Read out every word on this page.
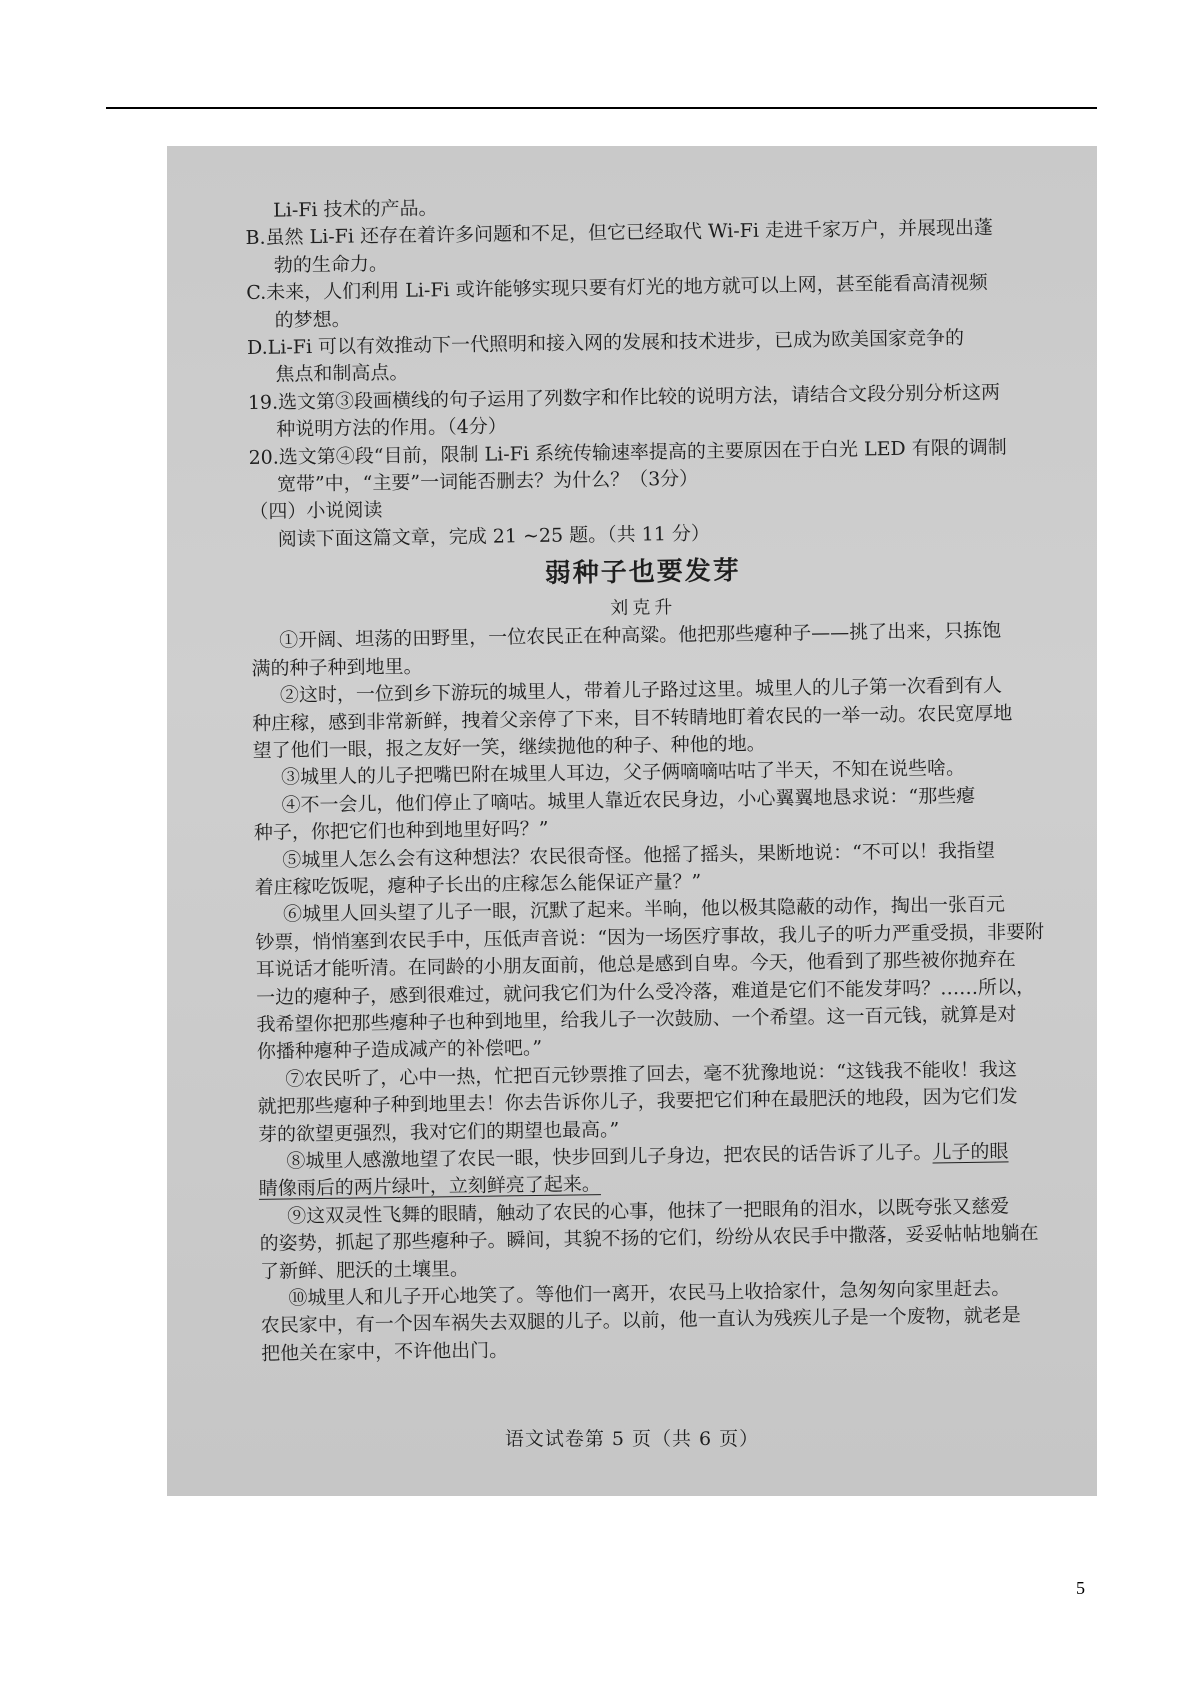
Li-Fi 技术的产品。
B.虽然 Li-Fi 还存在着许多问题和不足，但它已经取代 Wi-Fi 走进千家万户，并展现出蓬
勃的生命力。
C.未来，人们利用 Li-Fi 或许能够实现只要有灯光的地方就可以上网，甚至能看高清视频
的梦想。
D.Li-Fi 可以有效推动下一代照明和接入网的发展和技术进步，已成为欧美国家竞争的
焦点和制高点。
19.选文第③段画横线的句子运用了列数字和作比较的说明方法，请结合文段分别分析这两
种说明方法的作用。（4分）
20.选文第④段“目前，限制 Li-Fi 系统传输速率提高的主要原因在于白光 LED 有限的调制
宽带”中，“主要”一词能否删去？为什么？（3分）
（四）小说阅读
阅读下面这篇文章，完成 21 ~25 题。（共 11 分）
弱种子也要发芽
刘克升
①开阔、坦荡的田野里，一位农民正在种高粱。他把那些瘪种子——挑了出来，只拣饱
满的种子种到地里。
②这时，一位到乡下游玩的城里人，带着儿子路过这里。城里人的儿子第一次看到有人
种庄稼，感到非常新鲜，拽着父亲停了下来，目不转睛地盯着农民的一举一动。农民宽厚地
望了他们一眼，报之友好一笑，继续抛他的种子、种他的地。
③城里人的儿子把嘴巴附在城里人耳边，父子俩嘀嘀咕咕了半天，不知在说些啥。
④不一会儿，他们停止了嘀咕。城里人靠近农民身边，小心翼翼地恳求说：“那些瘪
种子，你把它们也种到地里好吗？”
⑤城里人怎么会有这种想法？农民很奇怪。他摇了摇头，果断地说：“不可以！我指望
着庄稼吃饭呢，瘪种子长出的庄稼怎么能保证产量？”
⑥城里人回头望了儿子一眼，沉默了起来。半晌，他以极其隐蔽的动作，掏出一张百元
钞票，悄悄塞到农民手中，压低声音说：“因为一场医疗事故，我儿子的听力严重受损，非要附
耳说话才能听清。在同龄的小朋友面前，他总是感到自卑。今天，他看到了那些被你抛弃在
一边的瘪种子，感到很难过，就问我它们为什么受冷落，难道是它们不能发芽吗？……所以，
我希望你把那些瘪种子也种到地里，给我儿子一次鼓励、一个希望。这一百元钱，就算是对
你播种瘪种子造成减产的补偿吧。”
⑦农民听了，心中一热，忙把百元钞票推了回去，毫不犹豫地说：“这钱我不能收！我这
就把那些瘪种子种到地里去！你去告诉你儿子，我要把它们种在最肥沃的地段，因为它们发
芽的欲望更强烈，我对它们的期望也最高。”
⑧城里人感激地望了农民一眼，快步回到儿子身边，把农民的话告诉了儿子。儿子的眼
睛像雨后的两片绿叶，立刻鲜亮了起来。
⑨这双灵性飞舞的眼睛，触动了农民的心事，他抹了一把眼角的泪水，以既夸张又慈爱
的姿势，抓起了那些瘪种子。瞬间，其貌不扬的它们，纷纷从农民手中撒落，妥妥帖帖地躺在
了新鲜、肥沃的土壤里。
⑩城里人和儿子开心地笑了。等他们一离开，农民马上收拾家什，急匆匆向家里赶去。
农民家中，有一个因车祸失去双腿的儿子。以前，他一直认为残疾儿子是一个废物，就老是
把他关在家中，不许他出门。
语文试卷第 5 页（共 6 页）
5
